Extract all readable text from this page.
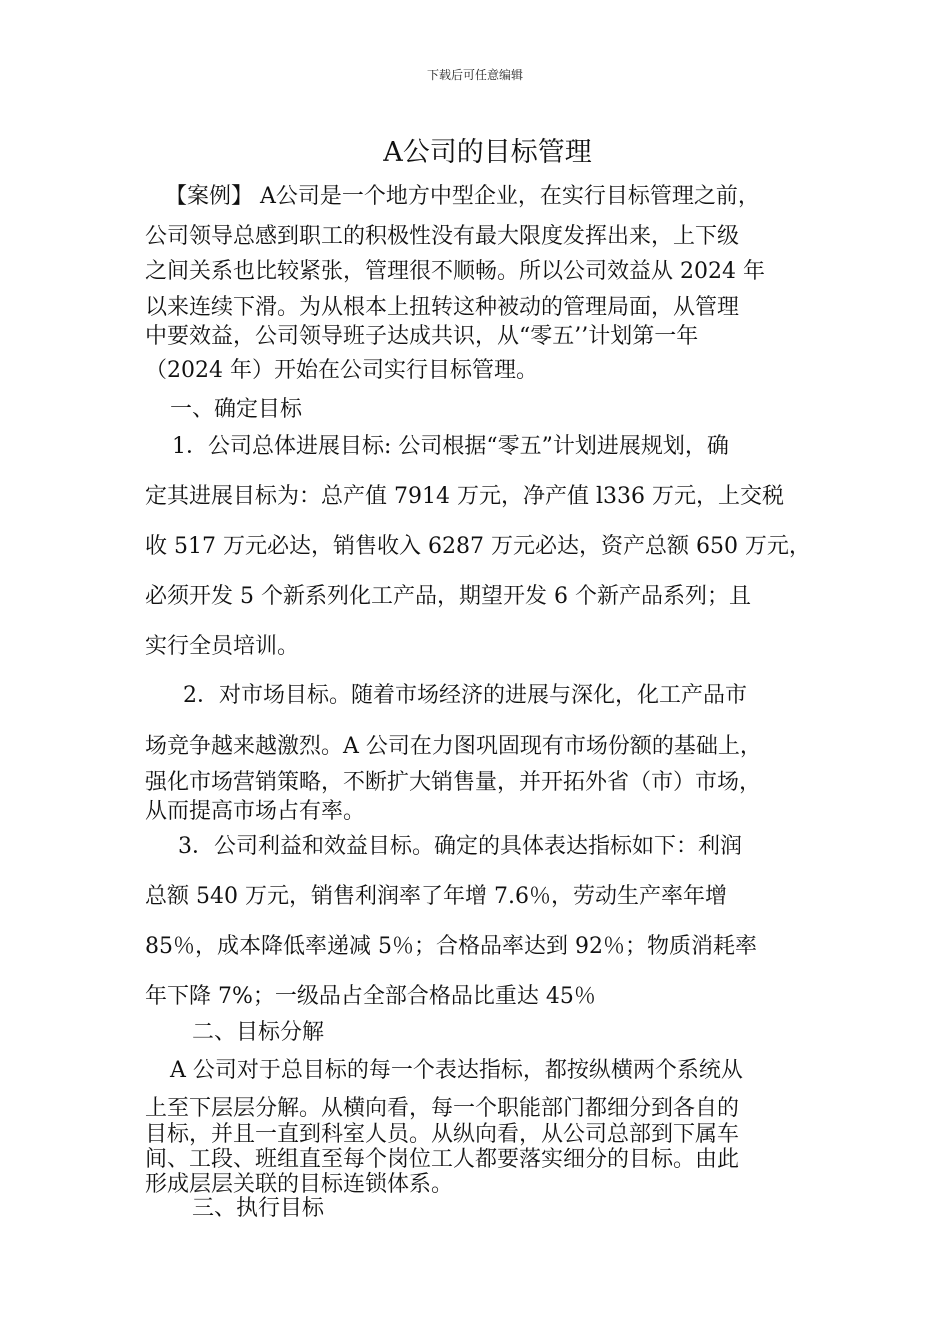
下载后可任意编辑
A公司的目标管理
【案例】 A公司是一个地方中型企业，在实行目标管理之前，
公司领导总感到职工的积极性没有最大限度发挥出来，上下级
之间关系也比较紧张，管理很不顺畅。所以公司效益从 2024 年
以来连续下滑。为从根本上扭转这种被动的管理局面，从管理
中要效益，公司领导班子达成共识，从“零五’’计划第一年
（2024 年）开始在公司实行目标管理。
一、确定目标
1．公司总体进展目标: 公司根据“零五”计划进展规划，确
定其进展目标为：总产值 7914 万元，净产值 l336 万元，上交税
收 517 万元必达，销售收入 6287 万元必达，资产总额 650 万元，
必须开发 5 个新系列化工产品，期望开发 6 个新产品系列；且
实行全员培训。
2．对市场目标。随着市场经济的进展与深化，化工产品市
场竞争越来越激烈。A 公司在力图巩固现有市场份额的基础上，
强化市场营销策略，不断扩大销售量，并开拓外省（市）市场，
从而提高市场占有率。
3．公司利益和效益目标。确定的具体表达指标如下：利润
总额 540 万元，销售利润率了年增 7.6％，劳动生产率年增
85％，成本降低率递减 5％；合格品率达到 92％；物质消耗率
年下降 7%；一级品占全部合格品比重达 45％
二、目标分解
A 公司对于总目标的每一个表达指标，都按纵横两个系统从
上至下层层分解。从横向看，每一个职能部门都细分到各自的
目标，并且一直到科室人员。从纵向看，从公司总部到下属车
间、工段、班组直至每个岗位工人都要落实细分的目标。由此
形成层层关联的目标连锁体系。
三、执行目标
